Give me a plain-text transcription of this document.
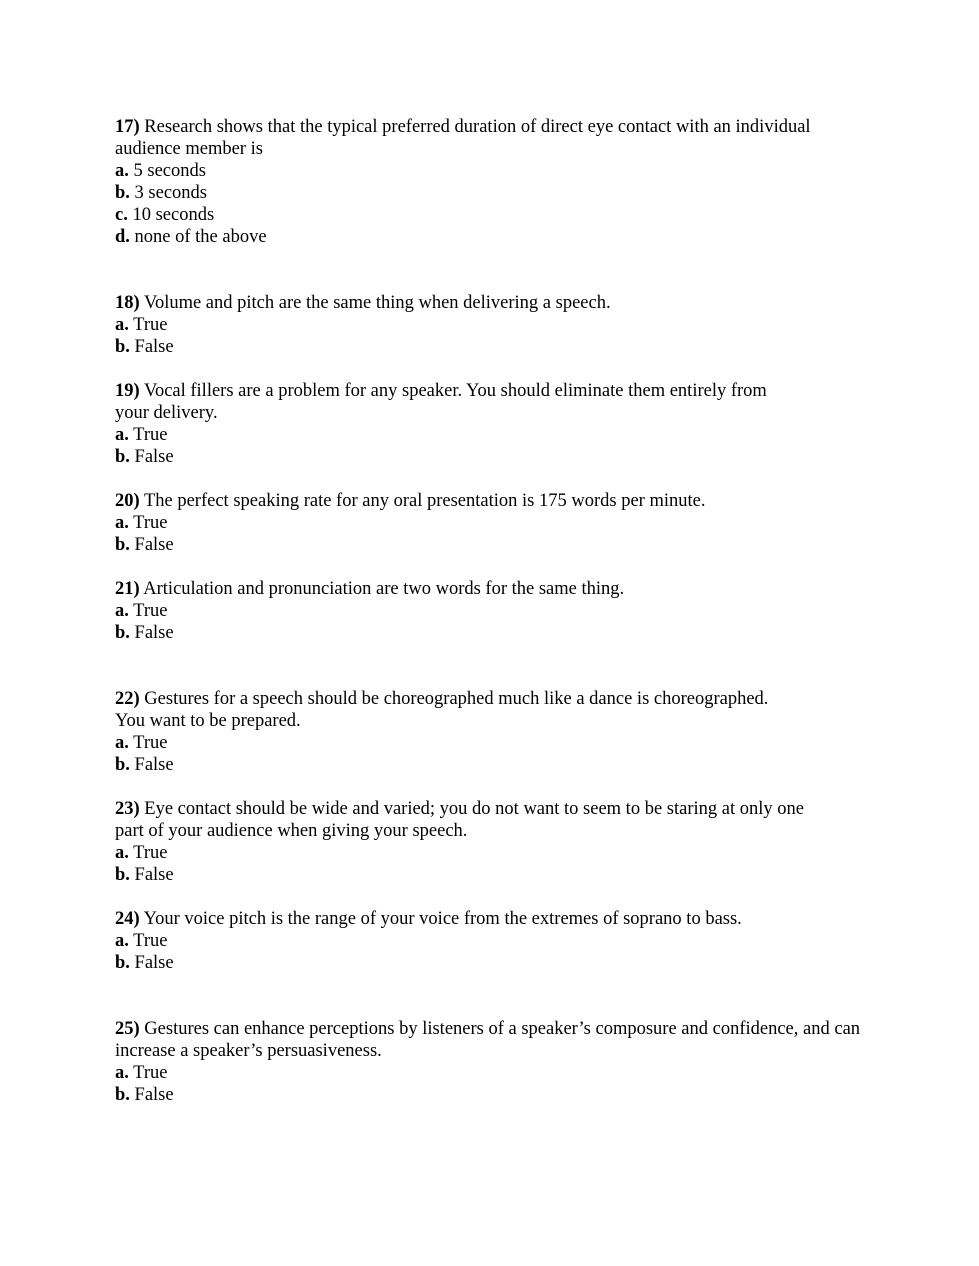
17) Research shows that the typical preferred duration of direct eye contact with an individual audience member is
a. 5 seconds
b. 3 seconds
c. 10 seconds
d. none of the above
18) Volume and pitch are the same thing when delivering a speech.
a. True
b. False
19) Vocal fillers are a problem for any speaker. You should eliminate them entirely from your delivery.
a. True
b. False
20) The perfect speaking rate for any oral presentation is 175 words per minute.
a. True
b. False
21) Articulation and pronunciation are two words for the same thing.
a. True
b. False
22) Gestures for a speech should be choreographed much like a dance is choreographed. You want to be prepared.
a. True
b. False
23) Eye contact should be wide and varied; you do not want to seem to be staring at only one part of your audience when giving your speech.
a. True
b. False
24) Your voice pitch is the range of your voice from the extremes of soprano to bass.
a. True
b. False
25) Gestures can enhance perceptions by listeners of a speaker’s composure and confidence, and can increase a speaker’s persuasiveness.
a. True
b. False
